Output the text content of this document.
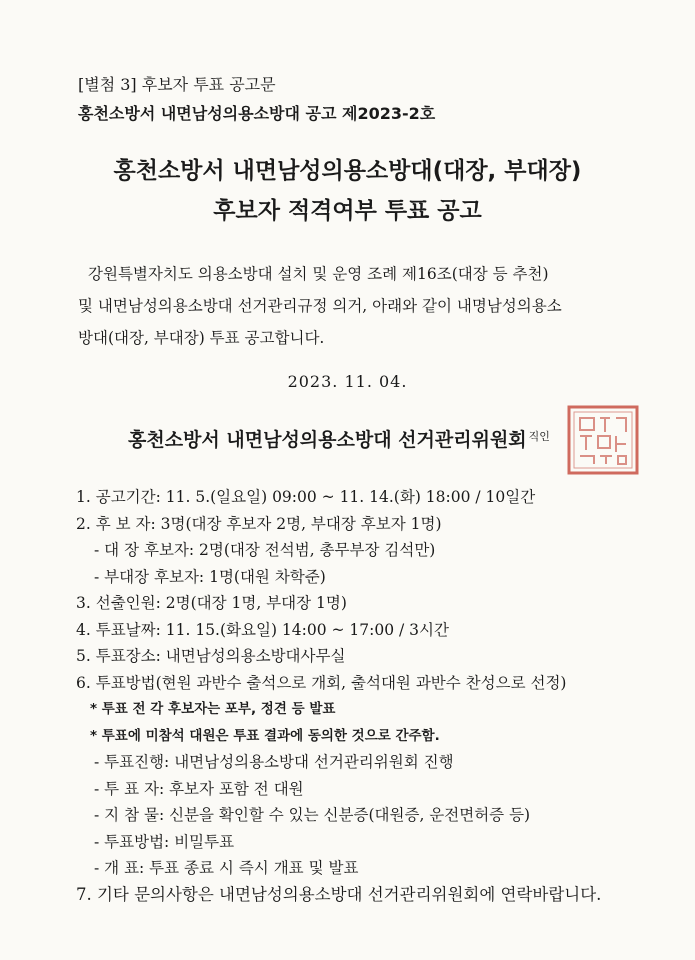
[별첨 3] 후보자 투표 공고문
홍천소방서 내면남성의용소방대 공고 제2023-2호
홍천소방서 내면남성의용소방대(대장, 부대장)
후보자 적격여부 투표 공고
강원특별자치도 의용소방대 설치 및 운영 조례 제16조(대장 등 추천)
및 내면남성의용소방대 선거관리규정 의거, 아래와 같이 내명남성의용소
방대(대장, 부대장) 투표 공고합니다.
2023. 11. 04.
홍천소방서 내면남성의용소방대 선거관리위원회 $^{직인}$
1. 공고기간: 11. 5.(일요일) 09:00 ~ 11. 14.(화) 18:00 / 10일간
2. 후 보 자: 3명(대장 후보자 2명, 부대장 후보자 1명)
- 대 장 후보자: 2명(대장 전석범, 총무부장 김석만)
- 부대장 후보자: 1명(대원 차학준)
3. 선출인원: 2명(대장 1명, 부대장 1명)
4. 투표날짜: 11. 15.(화요일) 14:00 ~ 17:00 / 3시간
5. 투표장소: 내면남성의용소방대사무실
6. 투표방법(현원 과반수 출석으로 개회, 출석대원 과반수 찬성으로 선정)
* 투표 전 각 후보자는 포부, 정견 등 발표
* 투표에 미참석 대원은 투표 결과에 동의한 것으로 간주함.
- 투표진행: 내면남성의용소방대 선거관리위원회 진행
- 투 표 자: 후보자 포함 전 대원
- 지 참 물: 신분을 확인할 수 있는 신분증(대원증, 운전면허증 등)
- 투표방법: 비밀투표
- 개 표: 투표 종료 시 즉시 개표 및 발표
7. 기타 문의사항은 내면남성의용소방대 선거관리위원회에 연락바랍니다.
